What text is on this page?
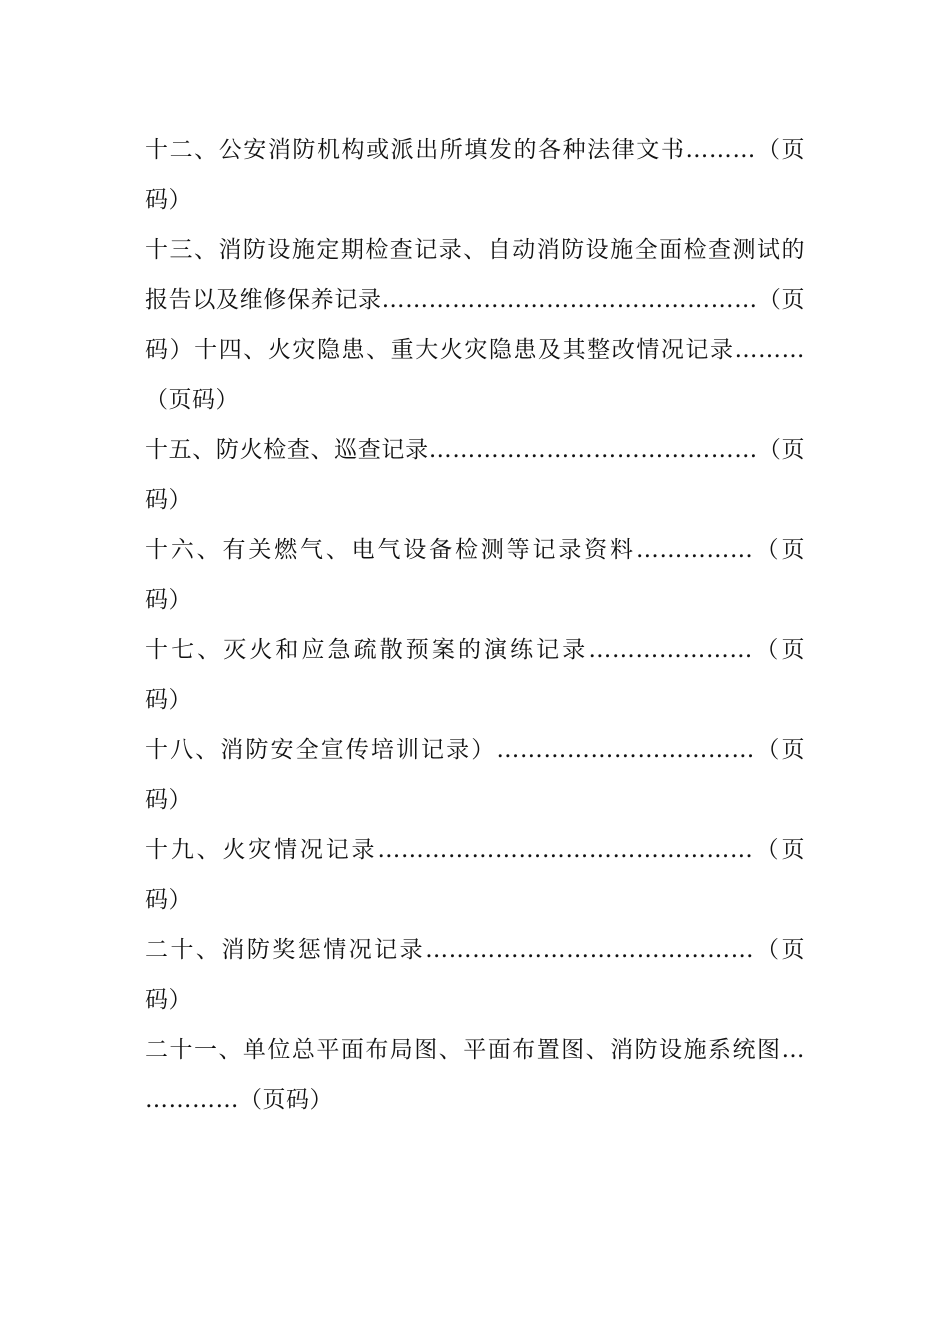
十二、公安消防机构或派出所填发的各种法律文书………（页
码）
十三、消防设施定期检查记录、自动消防设施全面检查测试的
报告以及维修保养记录…………………………………………（页
码）十四、火灾隐患、重大火灾隐患及其整改情况记录………
（页码）
十五、防火检查、巡查记录……………………………………（页
码）
十六、有关燃气、电气设备检测等记录资料……………（页
码）
十七、灭火和应急疏散预案的演练记录…………………（页
码）
十八、消防安全宣传培训记录）……………………………（页
码）
十九、火灾情况记录…………………………………………（页
码）
二十、消防奖惩情况记录……………………………………（页
码）
二十一、单位总平面布局图、平面布置图、消防设施系统图…
…………（页码）
